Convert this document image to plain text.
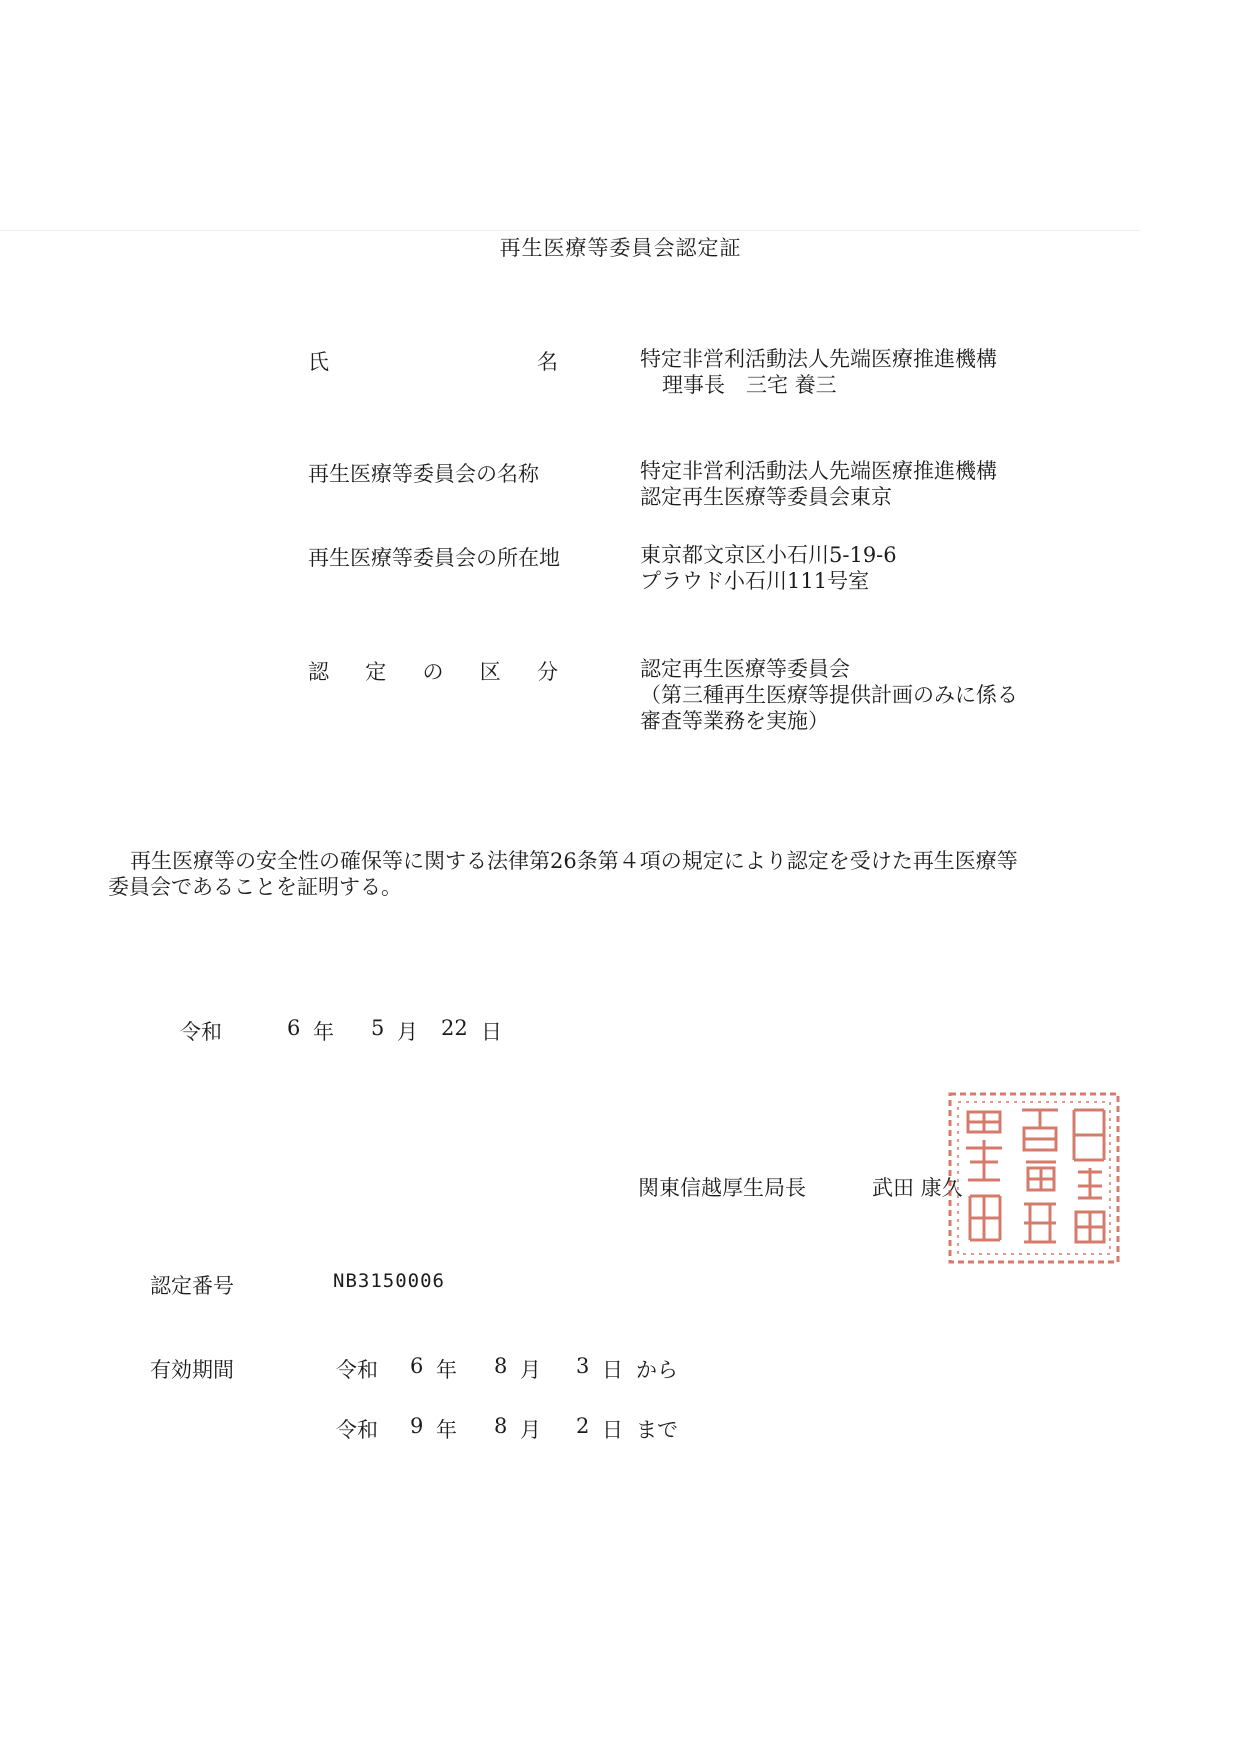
再生医療等委員会認定証
氏	名	特定非営利活動法人先端医療推進機構
理事長　三宅 養三
再生医療等委員会の名称	特定非営利活動法人先端医療推進機構
認定再生医療等委員会東京
再生医療等委員会の所在地	東京都文京区小石川5-19-6
プラウド小石川111号室
認 定 の 区 分	認定再生医療等委員会
（第三種再生医療等提供計画のみに係る
審査等業務を実施）
再生医療等の安全性の確保等に関する法律第26条第４項の規定により認定を受けた再生医療等
委員会であることを証明する。
令和	6 年 5 月 22 日
関東信越厚生局長	武田 康久
認定番号	NB3150006
有効期間	令和 6 年 8 月 3 日 から
令和 9 年 8 月 2 日 まで
